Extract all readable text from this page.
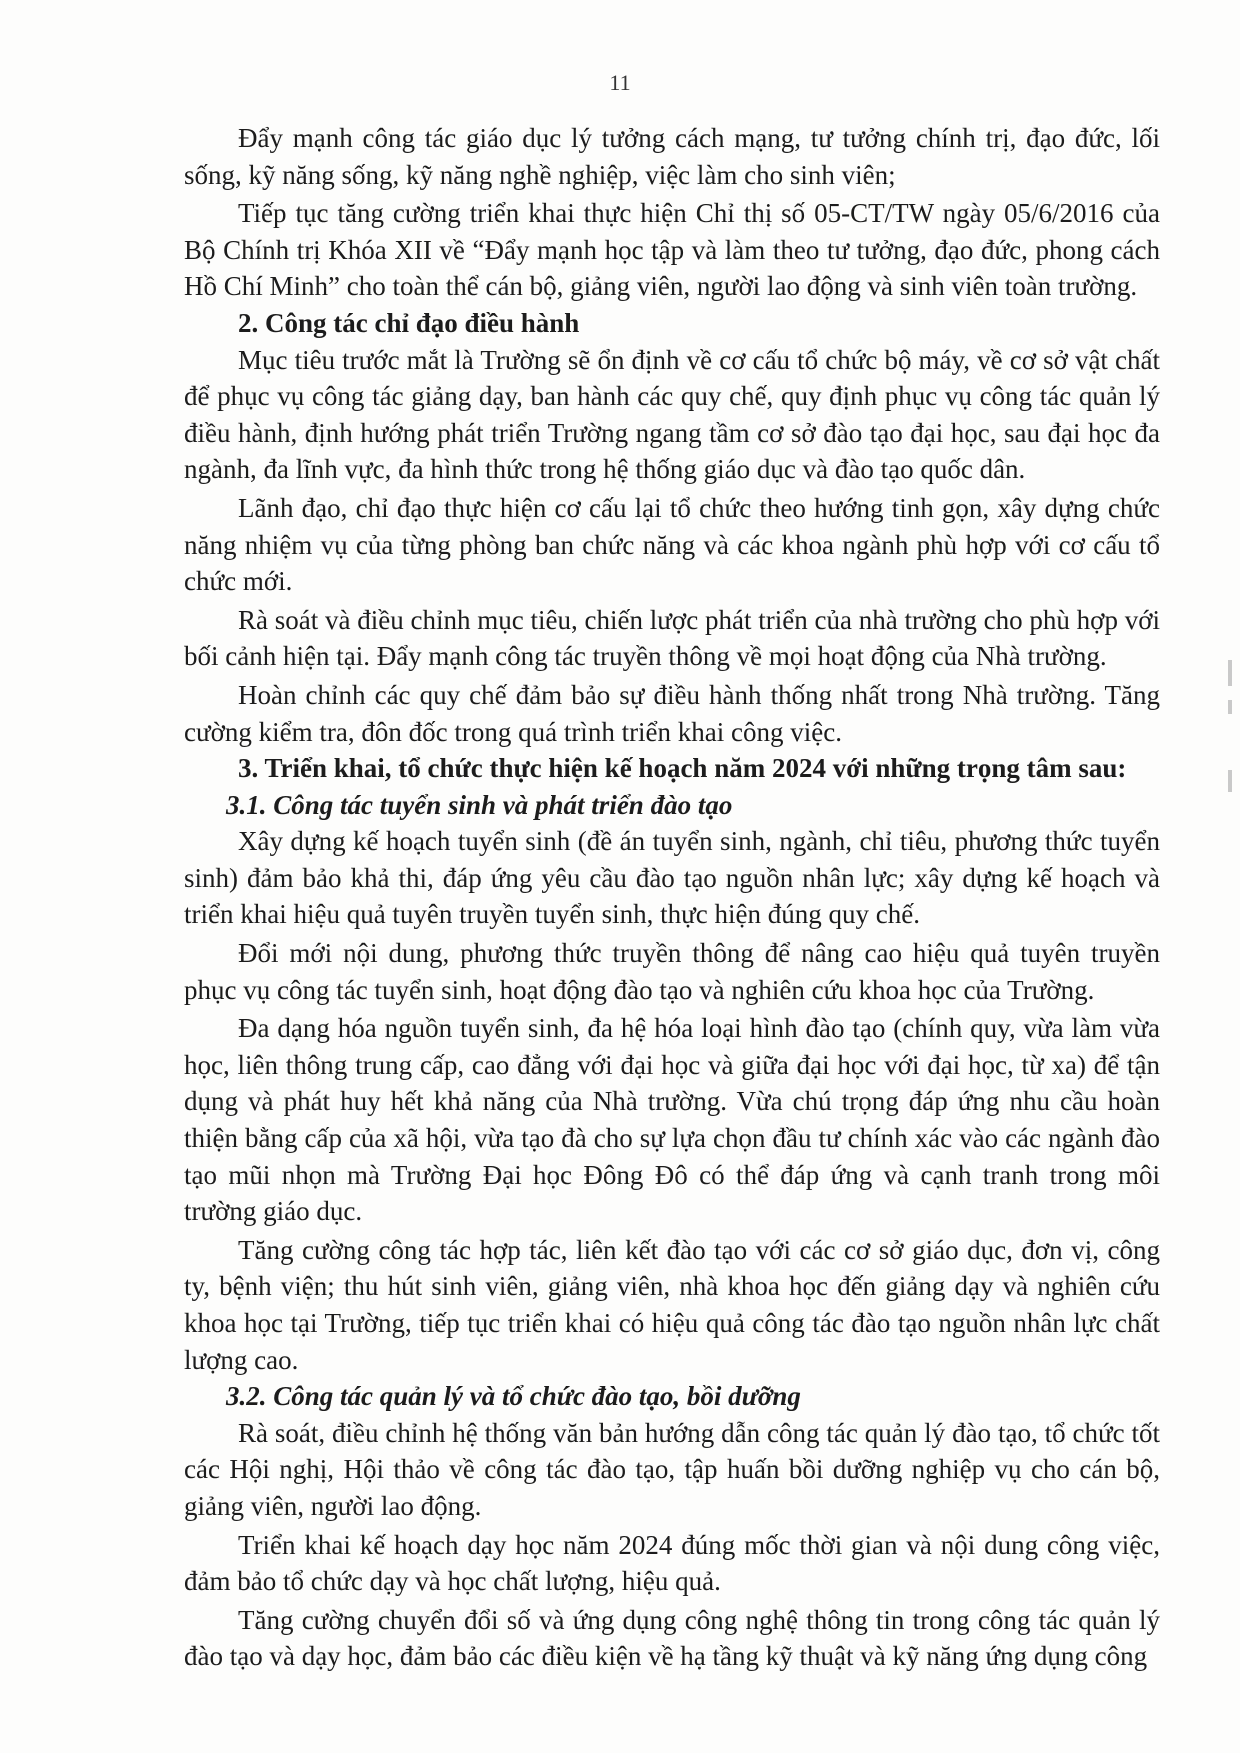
11

Đẩy mạnh công tác giáo dục lý tưởng cách mạng, tư tưởng chính trị, đạo đức, lối sống, kỹ năng sống, kỹ năng nghề nghiệp, việc làm cho sinh viên;

Tiếp tục tăng cường triển khai thực hiện Chỉ thị số 05-CT/TW ngày 05/6/2016 của Bộ Chính trị Khóa XII về “Đẩy mạnh học tập và làm theo tư tưởng, đạo đức, phong cách Hồ Chí Minh” cho toàn thể cán bộ, giảng viên, người lao động và sinh viên toàn trường.

2. Công tác chỉ đạo điều hành

Mục tiêu trước mắt là Trường sẽ ổn định về cơ cấu tổ chức bộ máy, về cơ sở vật chất để phục vụ công tác giảng dạy, ban hành các quy chế, quy định phục vụ công tác quản lý điều hành, định hướng phát triển Trường ngang tầm cơ sở đào tạo đại học, sau đại học đa ngành, đa lĩnh vực, đa hình thức trong hệ thống giáo dục và đào tạo quốc dân.

Lãnh đạo, chỉ đạo thực hiện cơ cấu lại tổ chức theo hướng tinh gọn, xây dựng chức năng nhiệm vụ của từng phòng ban chức năng và các khoa ngành phù hợp với cơ cấu tổ chức mới.

Rà soát và điều chỉnh mục tiêu, chiến lược phát triển của nhà trường cho phù hợp với bối cảnh hiện tại. Đẩy mạnh công tác truyền thông về mọi hoạt động của Nhà trường.

Hoàn chỉnh các quy chế đảm bảo sự điều hành thống nhất trong Nhà trường. Tăng cường kiểm tra, đôn đốc trong quá trình triển khai công việc.

3. Triển khai, tổ chức thực hiện kế hoạch năm 2024 với những trọng tâm sau:
3.1. Công tác tuyển sinh và phát triển đào tạo

Xây dựng kế hoạch tuyển sinh (đề án tuyển sinh, ngành, chỉ tiêu, phương thức tuyển sinh) đảm bảo khả thi, đáp ứng yêu cầu đào tạo nguồn nhân lực; xây dựng kế hoạch và triển khai hiệu quả tuyên truyền tuyển sinh, thực hiện đúng quy chế.

Đổi mới nội dung, phương thức truyền thông để nâng cao hiệu quả tuyên truyền phục vụ công tác tuyển sinh, hoạt động đào tạo và nghiên cứu khoa học của Trường.

Đa dạng hóa nguồn tuyển sinh, đa hệ hóa loại hình đào tạo (chính quy, vừa làm vừa học, liên thông trung cấp, cao đẳng với đại học và giữa đại học với đại học, từ xa) để tận dụng và phát huy hết khả năng của Nhà trường. Vừa chú trọng đáp ứng nhu cầu hoàn thiện bằng cấp của xã hội, vừa tạo đà cho sự lựa chọn đầu tư chính xác vào các ngành đào tạo mũi nhọn mà Trường Đại học Đông Đô có thể đáp ứng và cạnh tranh trong môi trường giáo dục.

Tăng cường công tác hợp tác, liên kết đào tạo với các cơ sở giáo dục, đơn vị, công ty, bệnh viện; thu hút sinh viên, giảng viên, nhà khoa học đến giảng dạy và nghiên cứu khoa học tại Trường, tiếp tục triển khai có hiệu quả công tác đào tạo nguồn nhân lực chất lượng cao.

3.2. Công tác quản lý và tổ chức đào tạo, bồi dưỡng

Rà soát, điều chỉnh hệ thống văn bản hướng dẫn công tác quản lý đào tạo, tổ chức tốt các Hội nghị, Hội thảo về công tác đào tạo, tập huấn bồi dưỡng nghiệp vụ cho cán bộ, giảng viên, người lao động.

Triển khai kế hoạch dạy học năm 2024 đúng mốc thời gian và nội dung công việc, đảm bảo tổ chức dạy và học chất lượng, hiệu quả.

Tăng cường chuyển đổi số và ứng dụng công nghệ thông tin trong công tác quản lý đào tạo và dạy học, đảm bảo các điều kiện về hạ tầng kỹ thuật và kỹ năng ứng dụng công
